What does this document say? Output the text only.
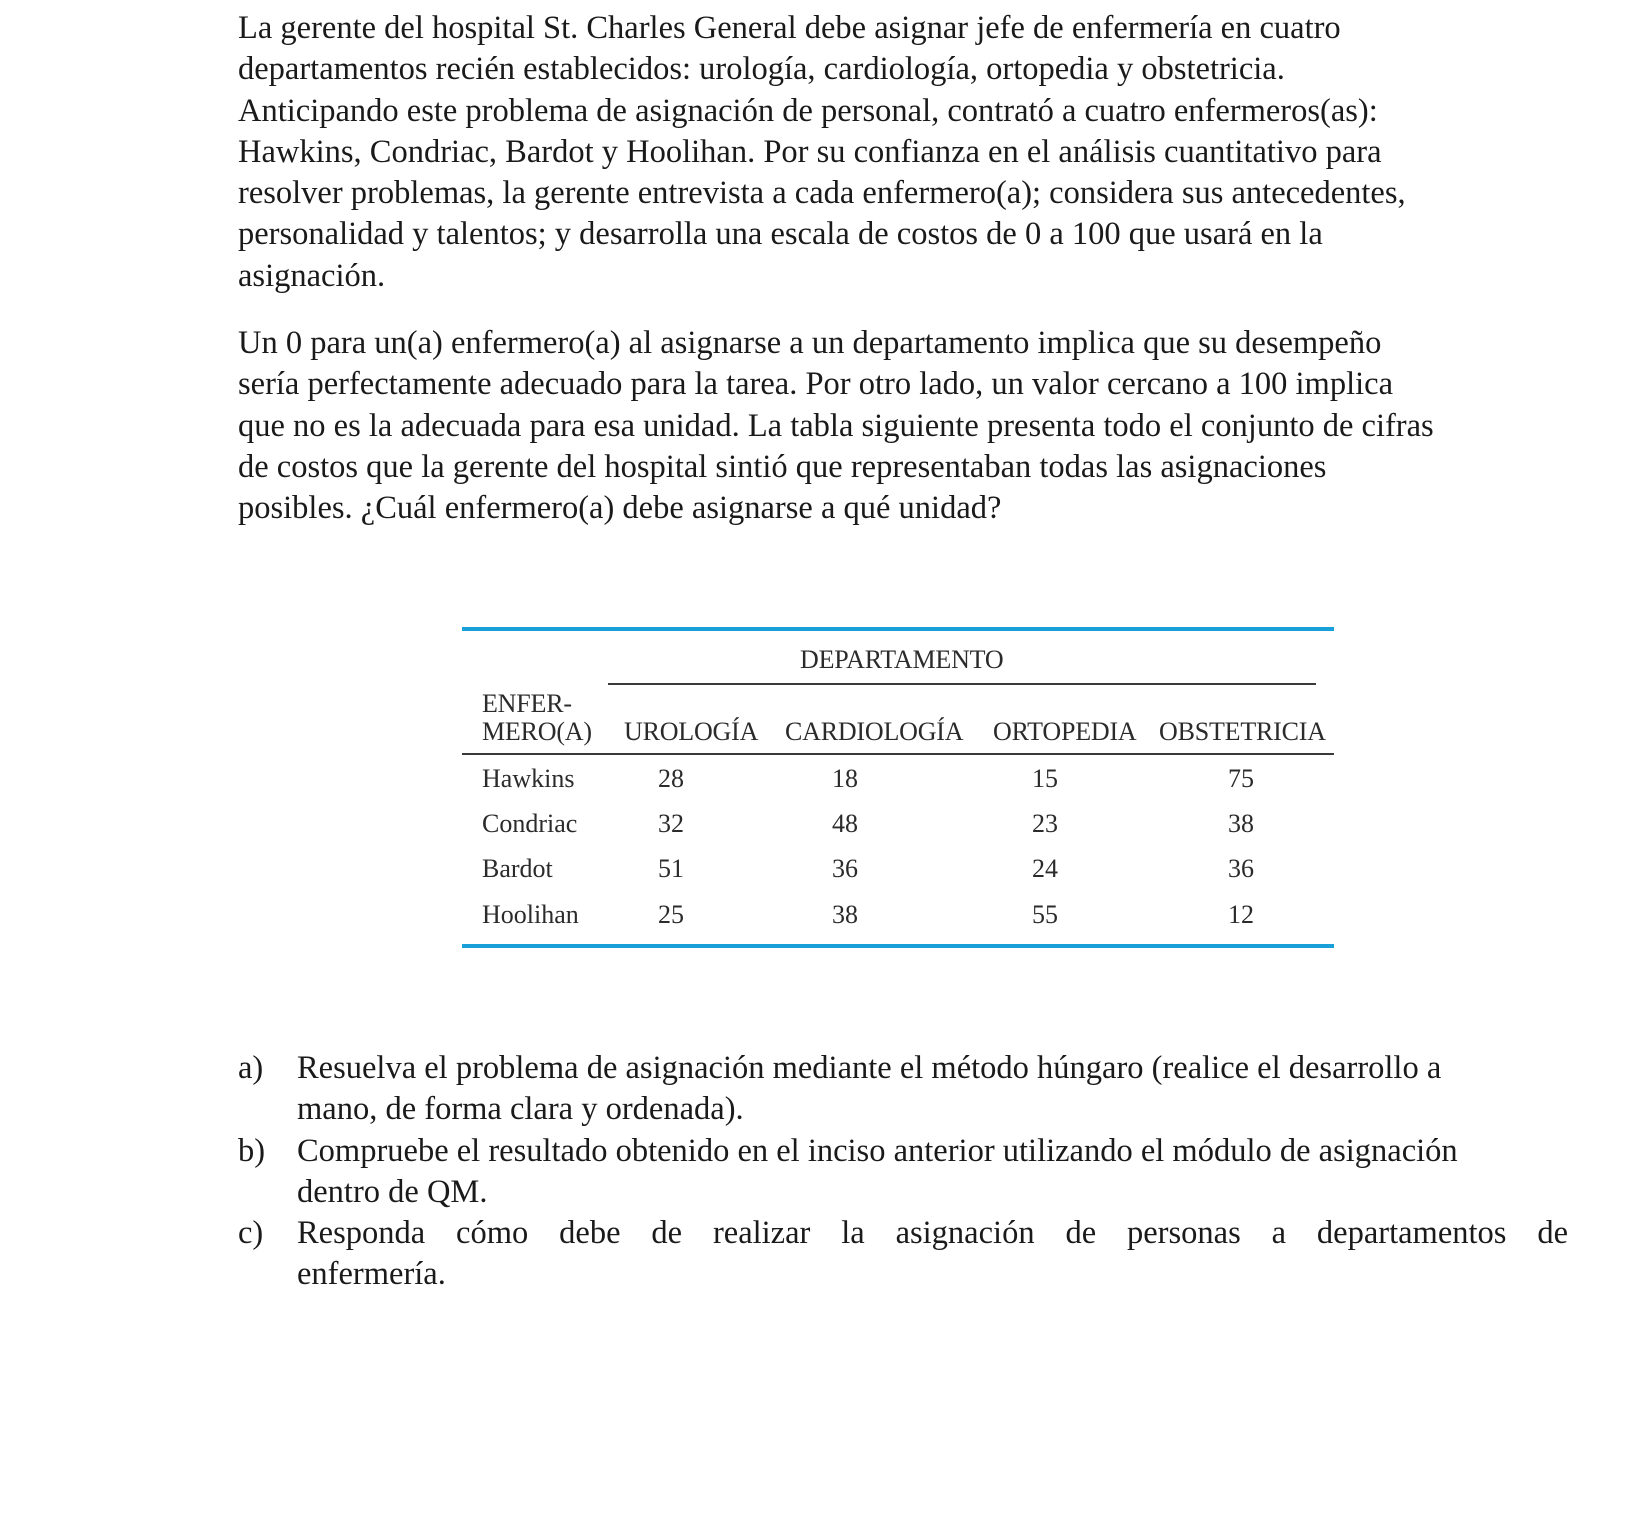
La gerente del hospital St. Charles General debe asignar jefe de enfermería en cuatro
departamentos recién establecidos: urología, cardiología, ortopedia y obstetricia.
Anticipando este problema de asignación de personal, contrató a cuatro enfermeros(as):
Hawkins, Condriac, Bardot y Hoolihan. Por su confianza en el análisis cuantitativo para
resolver problemas, la gerente entrevista a cada enfermero(a); considera sus antecedentes,
personalidad y talentos; y desarrolla una escala de costos de 0 a 100 que usará en la
asignación.
Un 0 para un(a) enfermero(a) al asignarse a un departamento implica que su desempeño
sería perfectamente adecuado para la tarea. Por otro lado, un valor cercano a 100 implica
que no es la adecuada para esa unidad. La tabla siguiente presenta todo el conjunto de cifras
de costos que la gerente del hospital sintió que representaban todas las asignaciones
posibles. ¿Cuál enfermero(a) debe asignarse a qué unidad?
DEPARTAMENTO
ENFER-
MERO(A) UROLOGÍA CARDIOLOGÍA ORTOPEDIA OBSTETRICIA
Hawkins	28	18	15	75
Condriac	32	48	23	38
Bardot	51	36	24	36
Hoolihan	25	38	55	12
a) Resuelva el problema de asignación mediante el método húngaro (realice el desarrollo a
mano, de forma clara y ordenada).
b) Compruebe el resultado obtenido en el inciso anterior utilizando el módulo de asignación
dentro de QM.
c) Responda cómo debe de realizar la asignación de personas a departamentos de
enfermería.
